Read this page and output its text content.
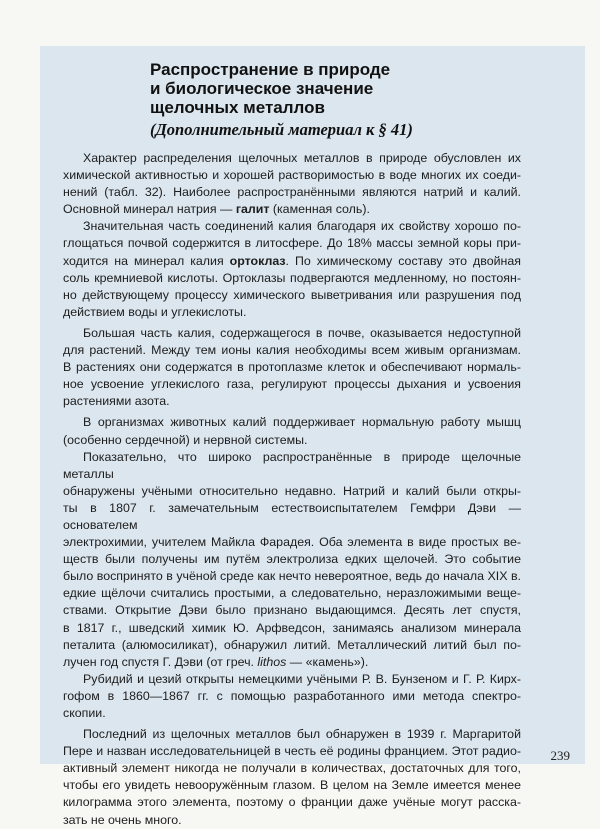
Распространение в природе
и биологическое значение
щелочных металлов
(Дополнительный материал к § 41)

Характер распределения щелочных металлов в природе обусловлен их
химической активностью и хорошей растворимостью в воде многих их соеди-
нений (табл. 32). Наиболее распространёнными являются натрий и калий.
Основной минерал натрия — галит (каменная соль).

Значительная часть соединений калия благодаря их свойству хорошо по-
глощаться почвой содержится в литосфере. До 18% массы земной коры при-
ходится на минерал калия ортоклаз. По химическому составу это двойная
соль кремниевой кислоты. Ортоклазы подвергаются медленному, но постоян-
но действующему процессу химического выветривания или разрушения под
действием воды и углекислоты.

Большая часть калия, содержащегося в почве, оказывается недоступной
для растений. Между тем ионы калия необходимы всем живым организмам.
В растениях они содержатся в протоплазме клеток и обеспечивают нормаль-
ное усвоение углекислого газа, регулируют процессы дыхания и усвоения
растениями азота.

В организмах животных калий поддерживает нормальную работу мышц
(особенно сердечной) и нервной системы.

Показательно, что широко распространённые в природе щелочные металлы
обнаружены учёными относительно недавно. Натрий и калий были откры-
ты в 1807 г. замечательным естествоиспытателем Гемфри Дэви — основателем
электрохимии, учителем Майкла Фарадея. Оба элемента в виде простых ве-
ществ были получены им путём электролиза едких щелочей. Это событие
было воспринято в учёной среде как нечто невероятное, ведь до начала XIX в.
едкие щёлочи считались простыми, а следовательно, неразложимыми веще-
ствами. Открытие Дэви было признано выдающимся. Десять лет спустя,
в 1817 г., шведский химик Ю. Арфведсон, занимаясь анализом минерала
петалита (алюмосиликат), обнаружил литий. Металлический литий был по-
лучен год спустя Г. Дэви (от греч. lithos — «камень»).

Рубидий и цезий открыты немецкими учёными Р. В. Бунзеном и Г. Р. Кирх-
гофом в 1860—1867 гг. с помощью разработанного ими метода спектро-
скопии.

Последний из щелочных металлов был обнаружен в 1939 г. Маргаритой
Пере и назван исследовательницей в честь её родины францием. Этот радио-
активный элемент никогда не получали в количествах, достаточных для того,
чтобы его увидеть невооружённым глазом. В целом на Земле имеется менее
килограмма этого элемента, поэтому о франции даже учёные могут расска-
зать не очень много.

239
